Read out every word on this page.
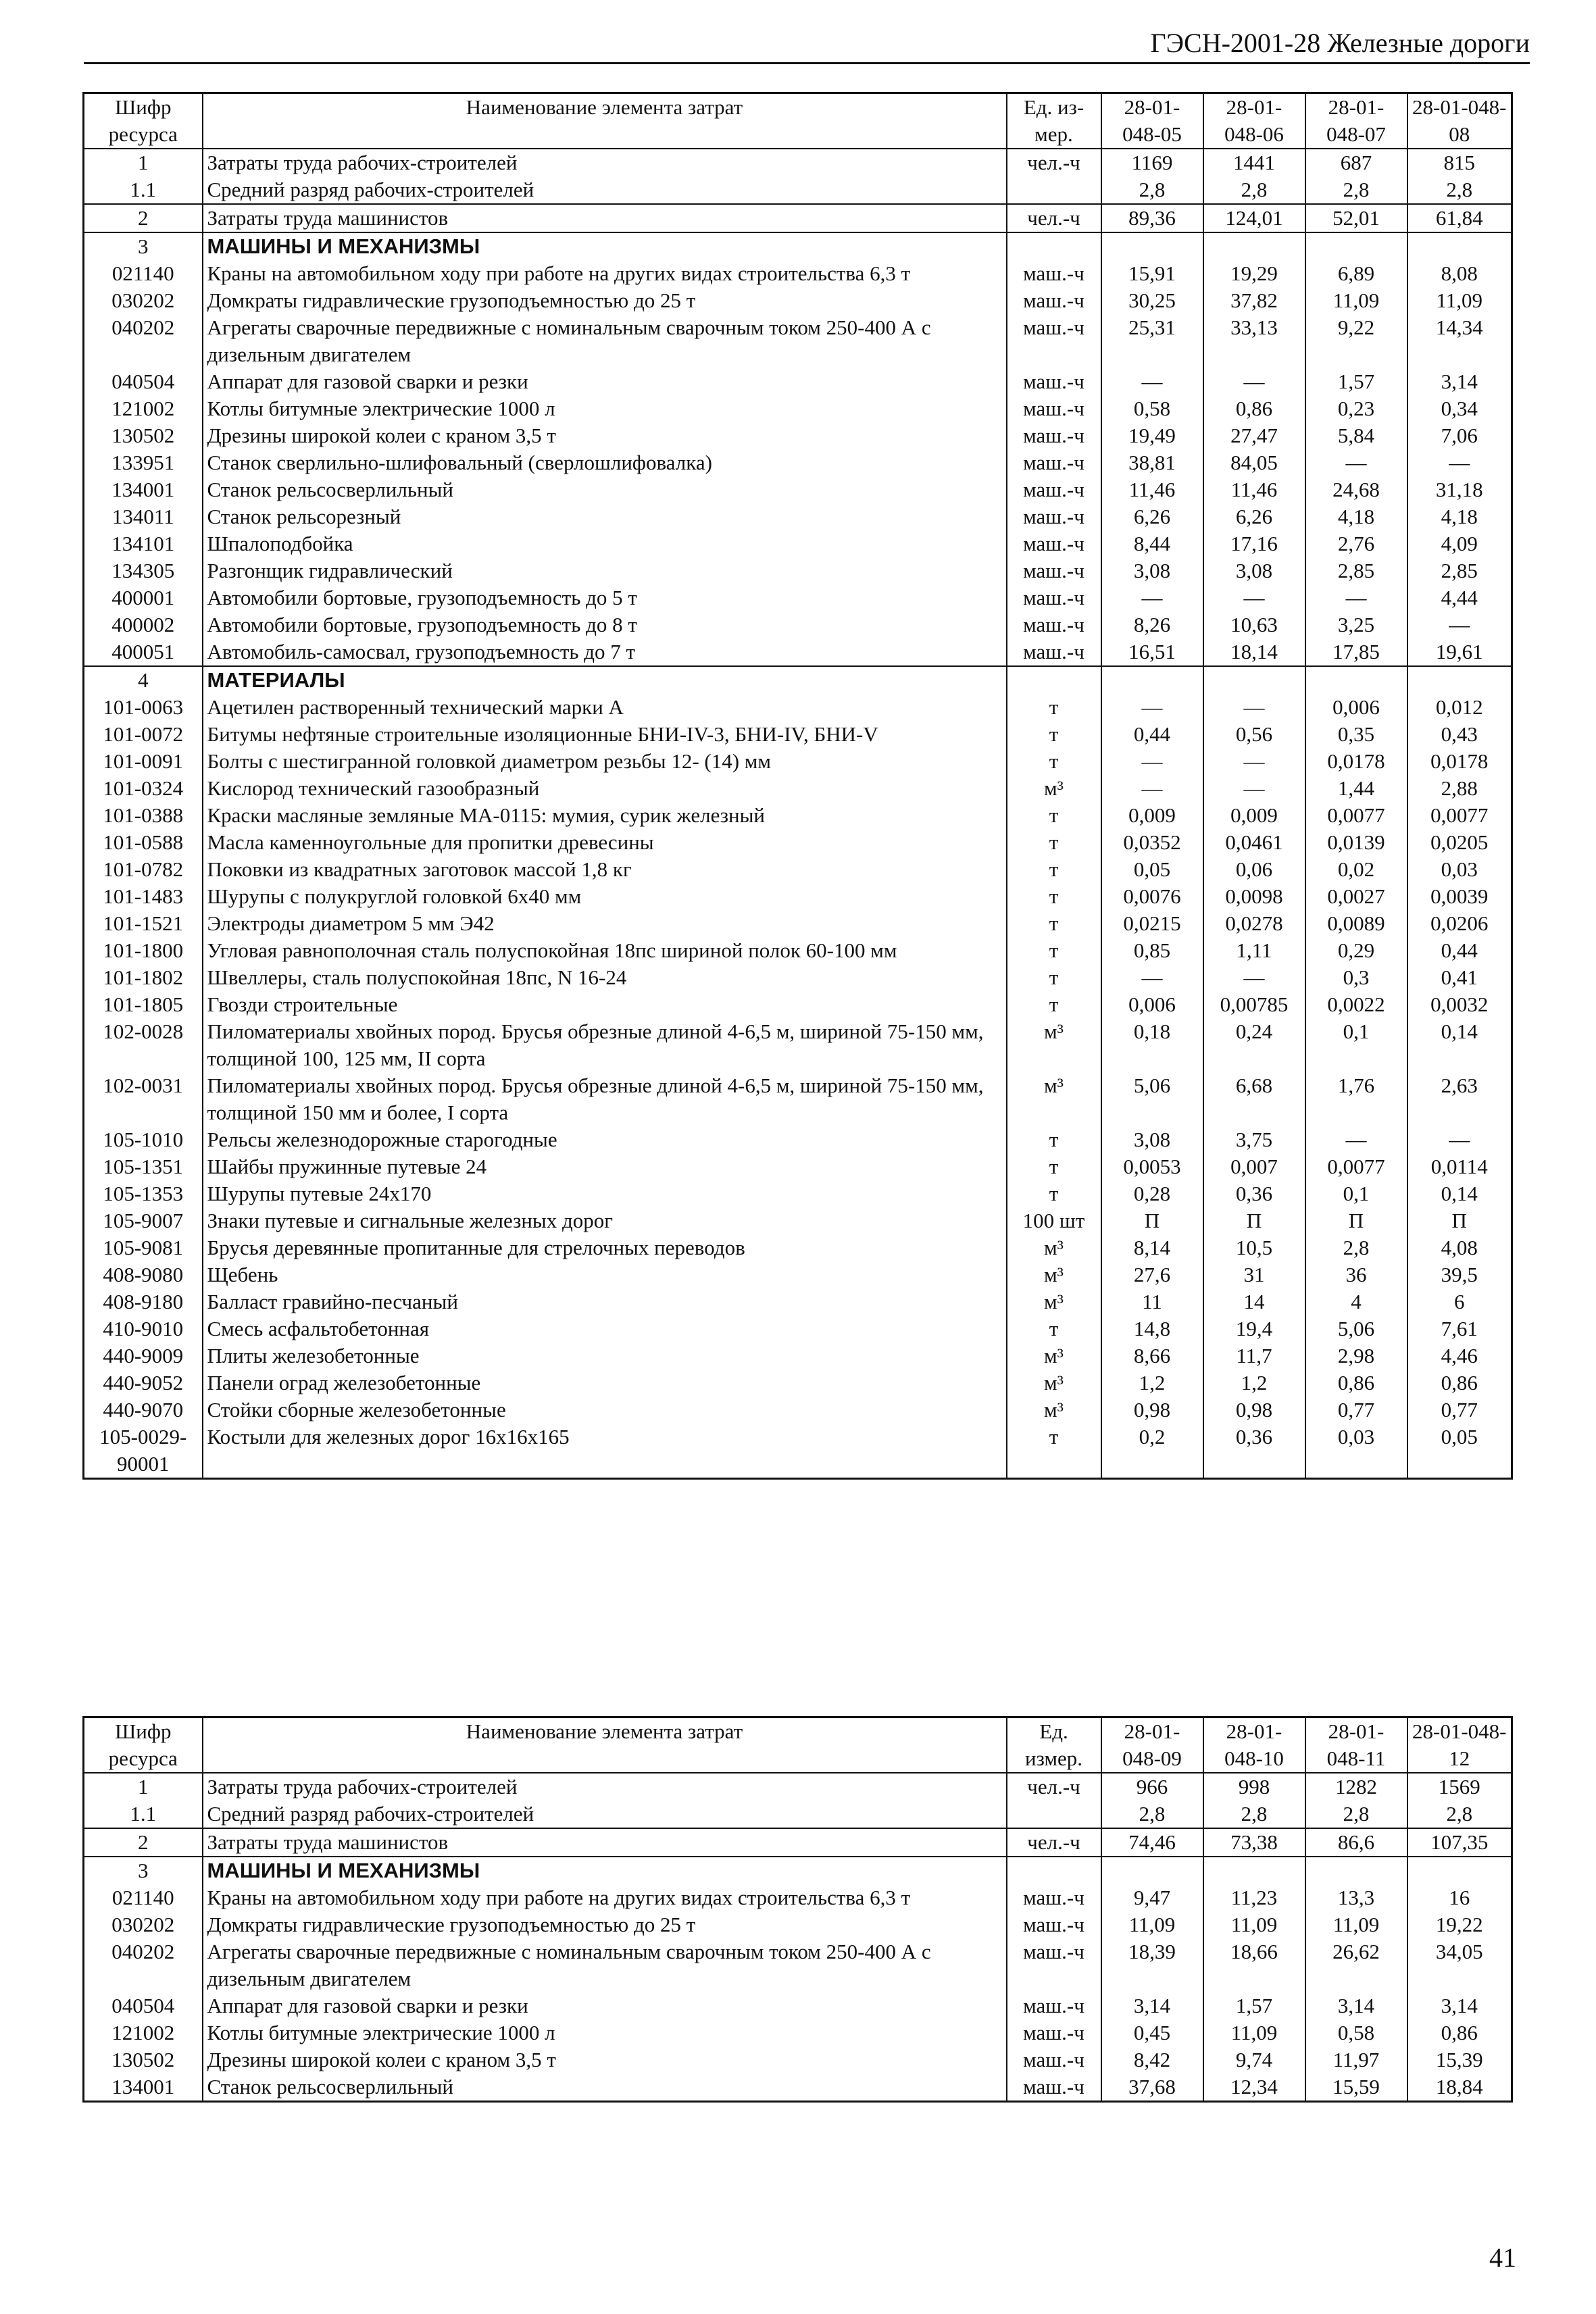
ГЭСН-2001-28 Железные дороги
Шифр ресурса	Наименование элемента затрат	Ед. из-мер.	28-01-048-05	28-01-048-06	28-01-048-07	28-01-048-08
1	Затраты труда рабочих-строителей	чел.-ч	1169	1441	687	815
1.1	Средний разряд рабочих-строителей		2,8	2,8	2,8	2,8
2	Затраты труда машинистов	чел.-ч	89,36	124,01	52,01	61,84
3	МАШИНЫ И МЕХАНИЗМЫ					
021140	Краны на автомобильном ходу при работе на других видах строительства 6,3 т	маш.-ч	15,91	19,29	6,89	8,08
030202	Домкраты гидравлические грузоподъемностью до 25 т	маш.-ч	30,25	37,82	11,09	11,09
040202	Агрегаты сварочные передвижные с номинальным сварочным током 250-400 А с дизельным двигателем	маш.-ч	25,31	33,13	9,22	14,34
040504	Аппарат для газовой сварки и резки	маш.-ч	—	—	1,57	3,14
121002	Котлы битумные электрические 1000 л	маш.-ч	0,58	0,86	0,23	0,34
130502	Дрезины широкой колеи с краном 3,5 т	маш.-ч	19,49	27,47	5,84	7,06
133951	Станок сверлильно-шлифовальный (сверлошлифовалка)	маш.-ч	38,81	84,05	—	—
134001	Станок рельсосверлильный	маш.-ч	11,46	11,46	24,68	31,18
134011	Станок рельсорезный	маш.-ч	6,26	6,26	4,18	4,18
134101	Шпалоподбойка	маш.-ч	8,44	17,16	2,76	4,09
134305	Разгонщик гидравлический	маш.-ч	3,08	3,08	2,85	2,85
400001	Автомобили бортовые, грузоподъемность до 5 т	маш.-ч	—	—	—	4,44
400002	Автомобили бортовые, грузоподъемность до 8 т	маш.-ч	8,26	10,63	3,25	—
400051	Автомобиль-самосвал, грузоподъемность до 7 т	маш.-ч	16,51	18,14	17,85	19,61
4	МАТЕРИАЛЫ					
101-0063	Ацетилен растворенный технический марки А	т	—	—	0,006	0,012
101-0072	Битумы нефтяные строительные изоляционные БНИ-IV-3, БНИ-IV, БНИ-V	т	0,44	0,56	0,35	0,43
101-0091	Болты с шестигранной головкой диаметром резьбы 12- (14) мм	т	—	—	0,0178	0,0178
101-0324	Кислород технический газообразный	м³	—	—	1,44	2,88
101-0388	Краски масляные земляные МА-0115: мумия, сурик железный	т	0,009	0,009	0,0077	0,0077
101-0588	Масла каменноугольные для пропитки древесины	т	0,0352	0,0461	0,0139	0,0205
101-0782	Поковки из квадратных заготовок массой 1,8 кг	т	0,05	0,06	0,02	0,03
101-1483	Шурупы с полукруглой головкой 6х40 мм	т	0,0076	0,0098	0,0027	0,0039
101-1521	Электроды диаметром 5 мм Э42	т	0,0215	0,0278	0,0089	0,0206
101-1800	Угловая равнополочная сталь полуспокойная 18пс шириной полок 60-100 мм	т	0,85	1,11	0,29	0,44
101-1802	Швеллеры, сталь полуспокойная 18пс, N 16-24	т	—	—	0,3	0,41
101-1805	Гвозди строительные	т	0,006	0,00785	0,0022	0,0032
102-0028	Пиломатериалы хвойных пород. Брусья обрезные длиной 4-6,5 м, шириной 75-150 мм, толщиной 100, 125 мм, II сорта	м³	0,18	0,24	0,1	0,14
102-0031	Пиломатериалы хвойных пород. Брусья обрезные длиной 4-6,5 м, шириной 75-150 мм, толщиной 150 мм и более, I сорта	м³	5,06	6,68	1,76	2,63
105-1010	Рельсы железнодорожные старогодные	т	3,08	3,75	—	—
105-1351	Шайбы пружинные путевые 24	т	0,0053	0,007	0,0077	0,0114
105-1353	Шурупы путевые 24х170	т	0,28	0,36	0,1	0,14
105-9007	Знаки путевые и сигнальные железных дорог	100 шт	П	П	П	П
105-9081	Брусья деревянные пропитанные для стрелочных переводов	м³	8,14	10,5	2,8	4,08
408-9080	Щебень	м³	27,6	31	36	39,5
408-9180	Балласт гравийно-песчаный	м³	11	14	4	6
410-9010	Смесь асфальтобетонная	т	14,8	19,4	5,06	7,61
440-9009	Плиты железобетонные	м³	8,66	11,7	2,98	4,46
440-9052	Панели оград железобетонные	м³	1,2	1,2	0,86	0,86
440-9070	Стойки сборные железобетонные	м³	0,98	0,98	0,77	0,77
105-0029-90001	Костыли для железных дорог 16х16х165	т	0,2	0,36	0,03	0,05
Шифр ресурса	Наименование элемента затрат	Ед. измер.	28-01-048-09	28-01-048-10	28-01-048-11	28-01-048-12
1	Затраты труда рабочих-строителей	чел.-ч	966	998	1282	1569
1.1	Средний разряд рабочих-строителей		2,8	2,8	2,8	2,8
2	Затраты труда машинистов	чел.-ч	74,46	73,38	86,6	107,35
3	МАШИНЫ И МЕХАНИЗМЫ					
021140	Краны на автомобильном ходу при работе на других видах строительства 6,3 т	маш.-ч	9,47	11,23	13,3	16
030202	Домкраты гидравлические грузоподъемностью до 25 т	маш.-ч	11,09	11,09	11,09	19,22
040202	Агрегаты сварочные передвижные с номинальным сварочным током 250-400 А с дизельным двигателем	маш.-ч	18,39	18,66	26,62	34,05
040504	Аппарат для газовой сварки и резки	маш.-ч	3,14	1,57	3,14	3,14
121002	Котлы битумные электрические 1000 л	маш.-ч	0,45	11,09	0,58	0,86
130502	Дрезины широкой колеи с краном 3,5 т	маш.-ч	8,42	9,74	11,97	15,39
134001	Станок рельсосверлильный	маш.-ч	37,68	12,34	15,59	18,84
41
